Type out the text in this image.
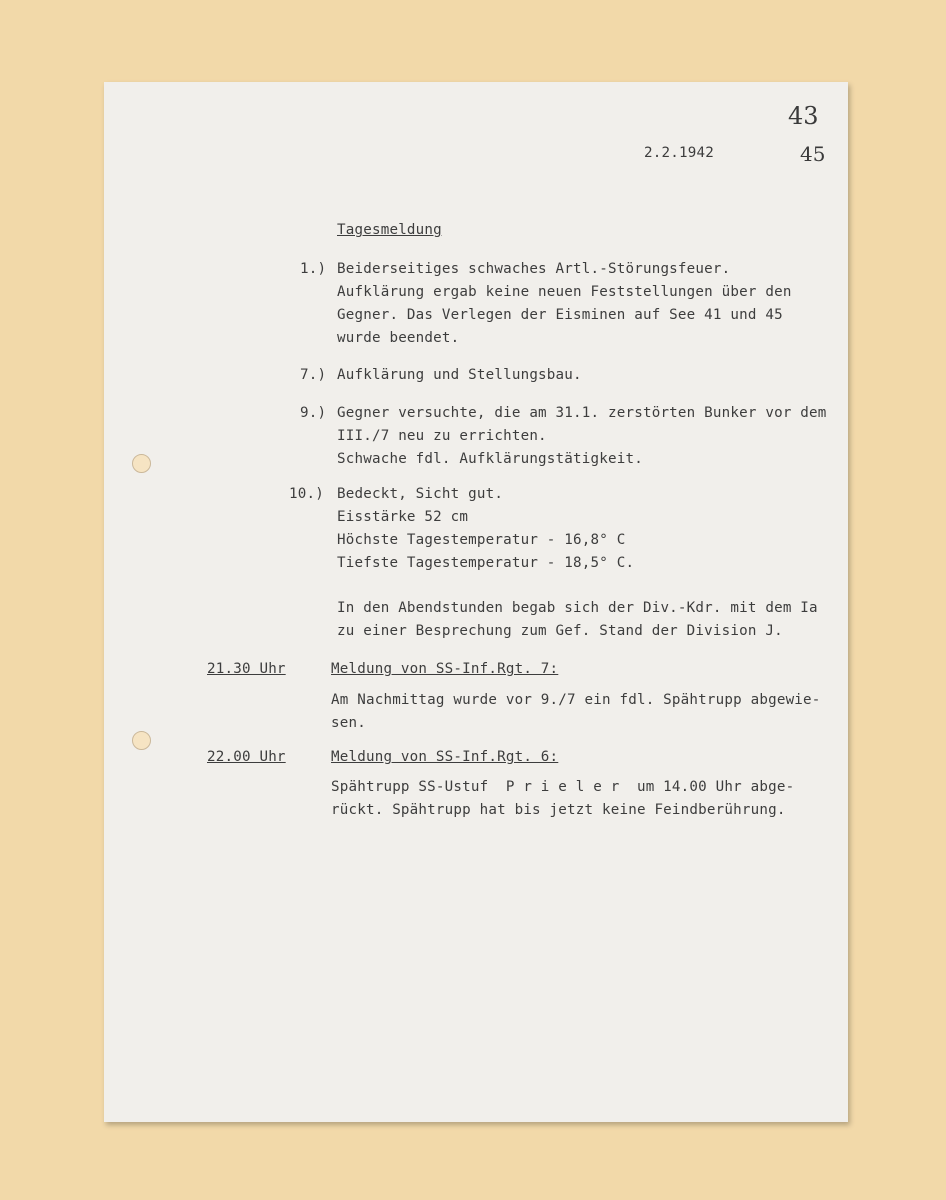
43
45
2.2.1942
Tagesmeldung
1.) Beiderseitiges schwaches Artl.-Störungsfeuer.
Aufklärung ergab keine neuen Feststellungen über den
Gegner. Das Verlegen der Eisminen auf See 41 und 45
wurde beendet.
7.) Aufklärung und Stellungsbau.
9.) Gegner versuchte, die am 31.1. zerstörten Bunker vor dem
III./7 neu zu errichten.
Schwache fdl. Aufklärungstätigkeit.
10.) Bedeckt, Sicht gut.
Eisstärke 52 cm
Höchste Tagestemperatur - 16,8° C
Tiefste Tagestemperatur - 18,5° C.
In den Abendstunden begab sich der Div.-Kdr. mit dem Ia
zu einer Besprechung zum Gef. Stand der Division J.
21.30 Uhr	Meldung von SS-Inf.Rgt. 7:
Am Nachmittag wurde vor 9./7 ein fdl. Spähtrupp abgewie-
sen.
22.00 Uhr	Meldung von SS-Inf.Rgt. 6:
Spähtrupp SS-Ustuf  P r i e l e r  um 14.00 Uhr abge-
rückt. Spähtrupp hat bis jetzt keine Feindberührung.
